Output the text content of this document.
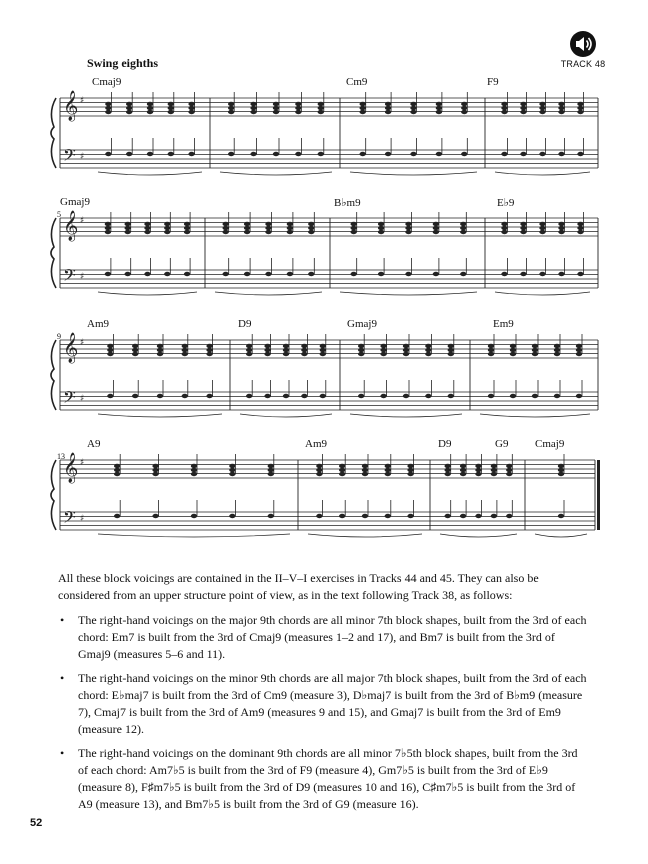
Swing eighths	TRACK 48
Cmaj9	Cm9	F9
𝄞
𝄢
♯
♯
5
Gmaj9	B♭m9	E♭9
𝄞
𝄢
♯
♯
9
Am9	D9	Gmaj9	Em9
𝄞
𝄢
♯
♯
13
A9	Am9	D9	G9 Cmaj9
𝄞
𝄢
♯
♯

All these block voicings are contained in the II–V–I exercises in Tracks 44 and 45. They can also be considered from an upper structure point of view, as in the text following Track 38, as follows:

• The right-hand voicings on the major 9th chords are all minor 7th block shapes, built from the 3rd of each chord: Em7 is built from the 3rd of Cmaj9 (measures 1–2 and 17), and Bm7 is built from the 3rd of Gmaj9 (measures 5–6 and 11).
• The right-hand voicings on the minor 9th chords are all major 7th block shapes, built from the 3rd of each chord: E♭maj7 is built from the 3rd of Cm9 (measure 3), D♭maj7 is built from the 3rd of B♭m9 (measure 7), Cmaj7 is built from the 3rd of Am9 (measures 9 and 15), and Gmaj7 is built from the 3rd of Em9 (measure 12).
• The right-hand voicings on the dominant 9th chords are all minor 7♭5th block shapes, built from the 3rd of each chord: Am7♭5 is built from the 3rd of F9 (measure 4), Gm7♭5 is built from the 3rd of E♭9 (measure 8), F♯m7♭5 is built from the 3rd of D9 (measures 10 and 16), C♯m7♭5 is built from the 3rd of A9 (measure 13), and Bm7♭5 is built from the 3rd of G9 (measure 16).
52
